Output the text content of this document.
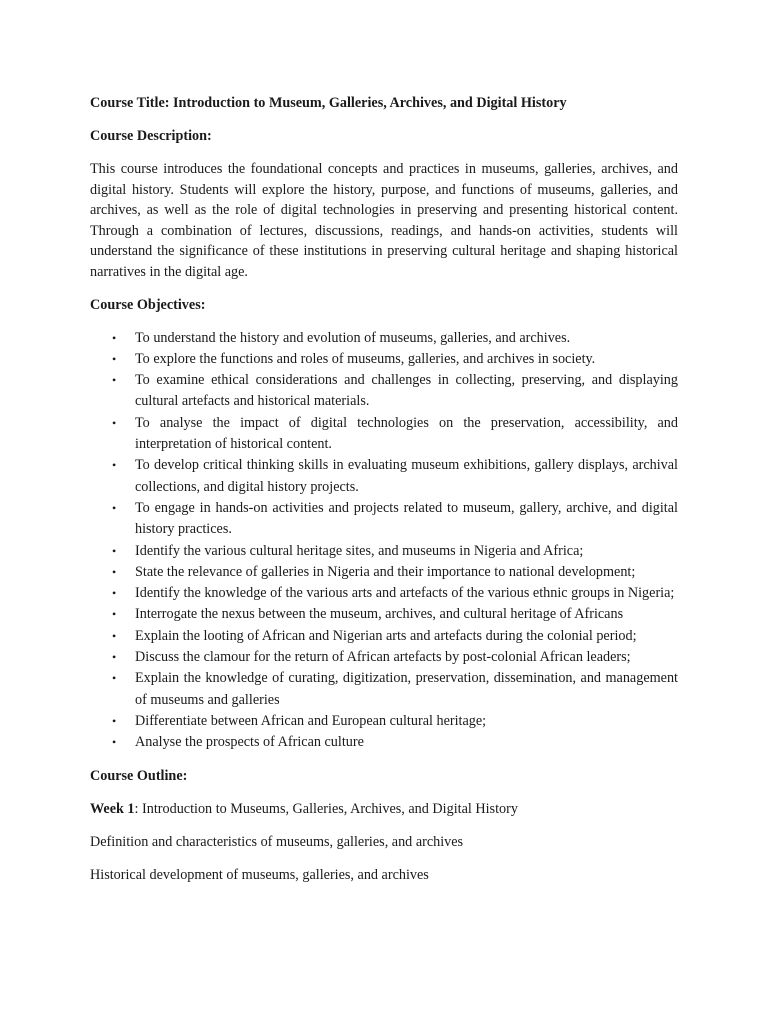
Course Title: Introduction to Museum, Galleries, Archives, and Digital History

Course Description:

This course introduces the foundational concepts and practices in museums, galleries, archives, and digital history. Students will explore the history, purpose, and functions of museums, galleries, and archives, as well as the role of digital technologies in preserving and presenting historical content. Through a combination of lectures, discussions, readings, and hands-on activities, students will understand the significance of these institutions in preserving cultural heritage and shaping historical narratives in the digital age.

Course Objectives:

• To understand the history and evolution of museums, galleries, and archives.
• To explore the functions and roles of museums, galleries, and archives in society.
• To examine ethical considerations and challenges in collecting, preserving, and displaying cultural artefacts and historical materials.
• To analyse the impact of digital technologies on the preservation, accessibility, and interpretation of historical content.
• To develop critical thinking skills in evaluating museum exhibitions, gallery displays, archival collections, and digital history projects.
• To engage in hands-on activities and projects related to museum, gallery, archive, and digital history practices.
• Identify the various cultural heritage sites, and museums in Nigeria and Africa;
• State the relevance of galleries in Nigeria and their importance to national development;
• Identify the knowledge of the various arts and artefacts of the various ethnic groups in Nigeria;
• Interrogate the nexus between the museum, archives, and cultural heritage of Africans
• Explain the looting of African and Nigerian arts and artefacts during the colonial period;
• Discuss the clamour for the return of African artefacts by post-colonial African leaders;
• Explain the knowledge of curating, digitization, preservation, dissemination, and management of museums and galleries
• Differentiate between African and European cultural heritage;
• Analyse the prospects of African culture

Course Outline:

Week 1: Introduction to Museums, Galleries, Archives, and Digital History

Definition and characteristics of museums, galleries, and archives

Historical development of museums, galleries, and archives
